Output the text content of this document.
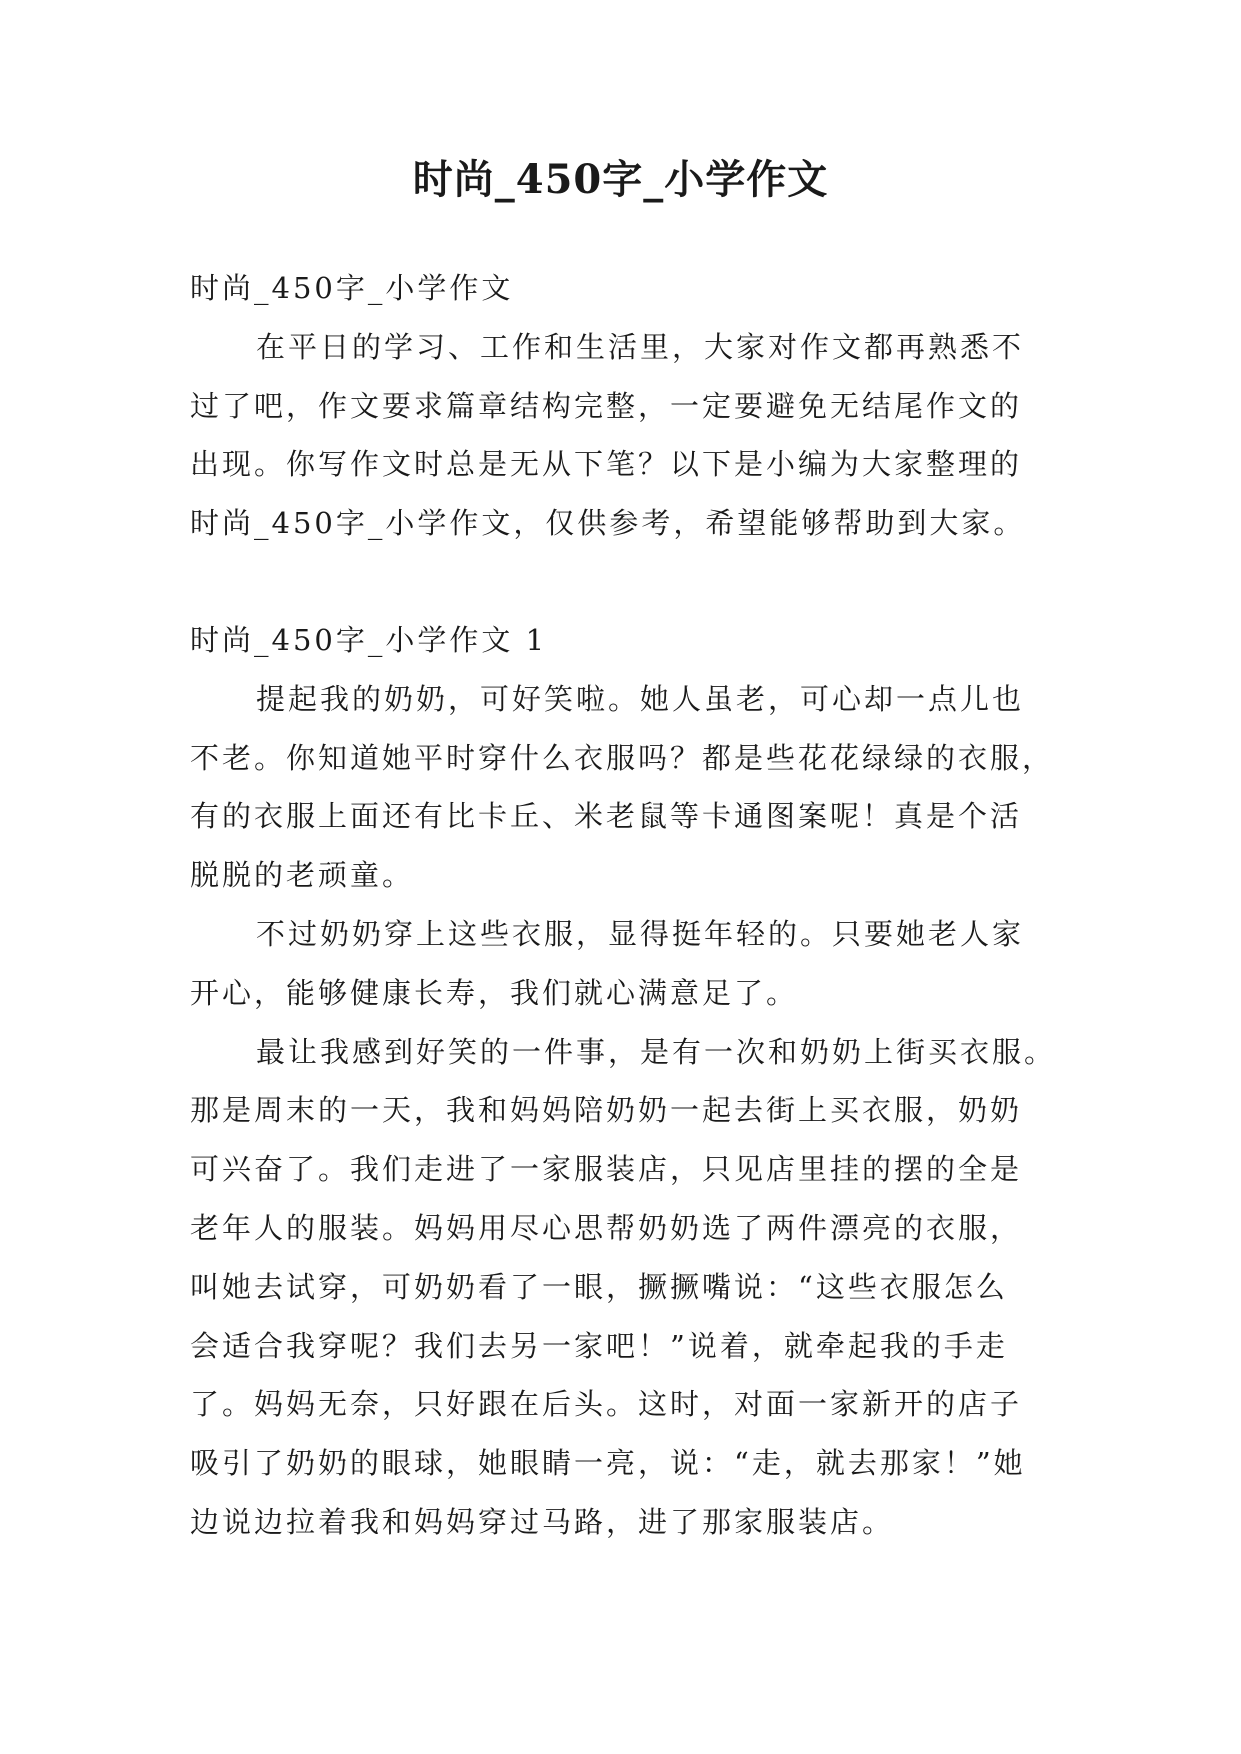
时尚_450字_小学作文
时尚_450字_小学作文
在平日的学习、工作和生活里，大家对作文都再熟悉不
过了吧，作文要求篇章结构完整，一定要避免无结尾作文的
出现。你写作文时总是无从下笔？以下是小编为大家整理的
时尚_450字_小学作文，仅供参考，希望能够帮助到大家。
时尚_450字_小学作文 1
提起我的奶奶，可好笑啦。她人虽老，可心却一点儿也
不老。你知道她平时穿什么衣服吗？都是些花花绿绿的衣服，
有的衣服上面还有比卡丘、米老鼠等卡通图案呢！真是个活
脱脱的老顽童。
不过奶奶穿上这些衣服，显得挺年轻的。只要她老人家
开心，能够健康长寿，我们就心满意足了。
最让我感到好笑的一件事，是有一次和奶奶上街买衣服。
那是周末的一天，我和妈妈陪奶奶一起去街上买衣服，奶奶
可兴奋了。我们走进了一家服装店，只见店里挂的摆的全是
老年人的服装。妈妈用尽心思帮奶奶选了两件漂亮的衣服，
叫她去试穿，可奶奶看了一眼，撅撅嘴说：“这些衣服怎么
会适合我穿呢？我们去另一家吧！”说着，就牵起我的手走
了。妈妈无奈，只好跟在后头。这时，对面一家新开的店子
吸引了奶奶的眼球，她眼睛一亮，说：“走，就去那家！”她
边说边拉着我和妈妈穿过马路，进了那家服装店。
